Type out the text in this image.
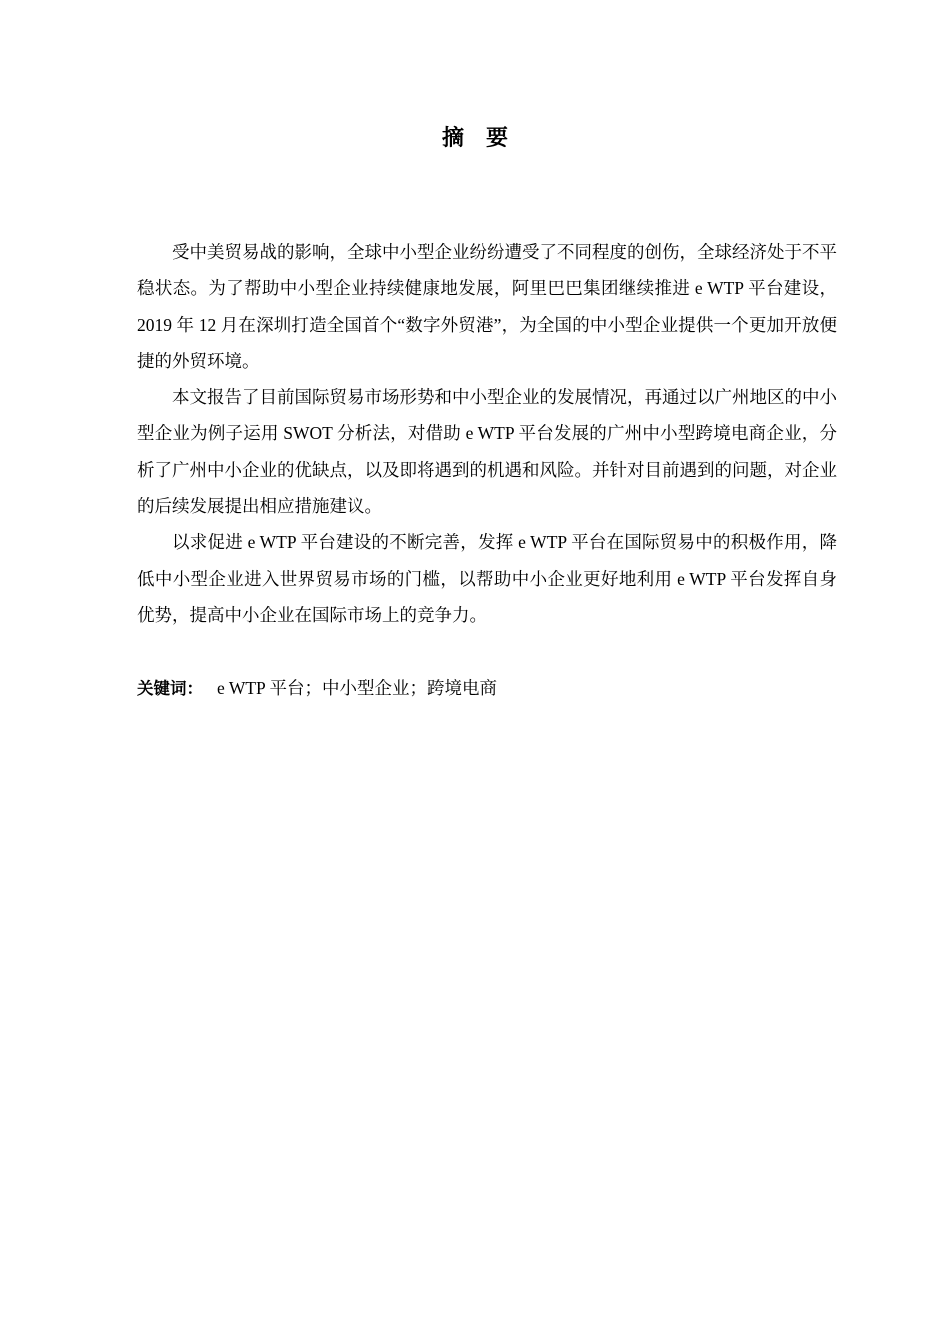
摘 要

受中美贸易战的影响，全球中小型企业纷纷遭受了不同程度的创伤，全球经济处于不平稳状态。为了帮助中小型企业持续健康地发展，阿里巴巴集团继续推进 e WTP 平台建设，2019 年 12 月在深圳打造全国首个“数字外贸港”，为全国的中小型企业提供一个更加开放便捷的外贸环境。

本文报告了目前国际贸易市场形势和中小型企业的发展情况，再通过以广州地区的中小型企业为例子运用 SWOT 分析法，对借助 e WTP 平台发展的广州中小型跨境电商企业，分析了广州中小企业的优缺点，以及即将遇到的机遇和风险。并针对目前遇到的问题，对企业的后续发展提出相应措施建议。

以求促进 e WTP 平台建设的不断完善，发挥 e WTP 平台在国际贸易中的积极作用，降低中小型企业进入世界贸易市场的门槛，以帮助中小企业更好地利用 e WTP 平台发挥自身优势，提高中小企业在国际市场上的竞争力。

关键词： e WTP 平台；中小型企业；跨境电商
